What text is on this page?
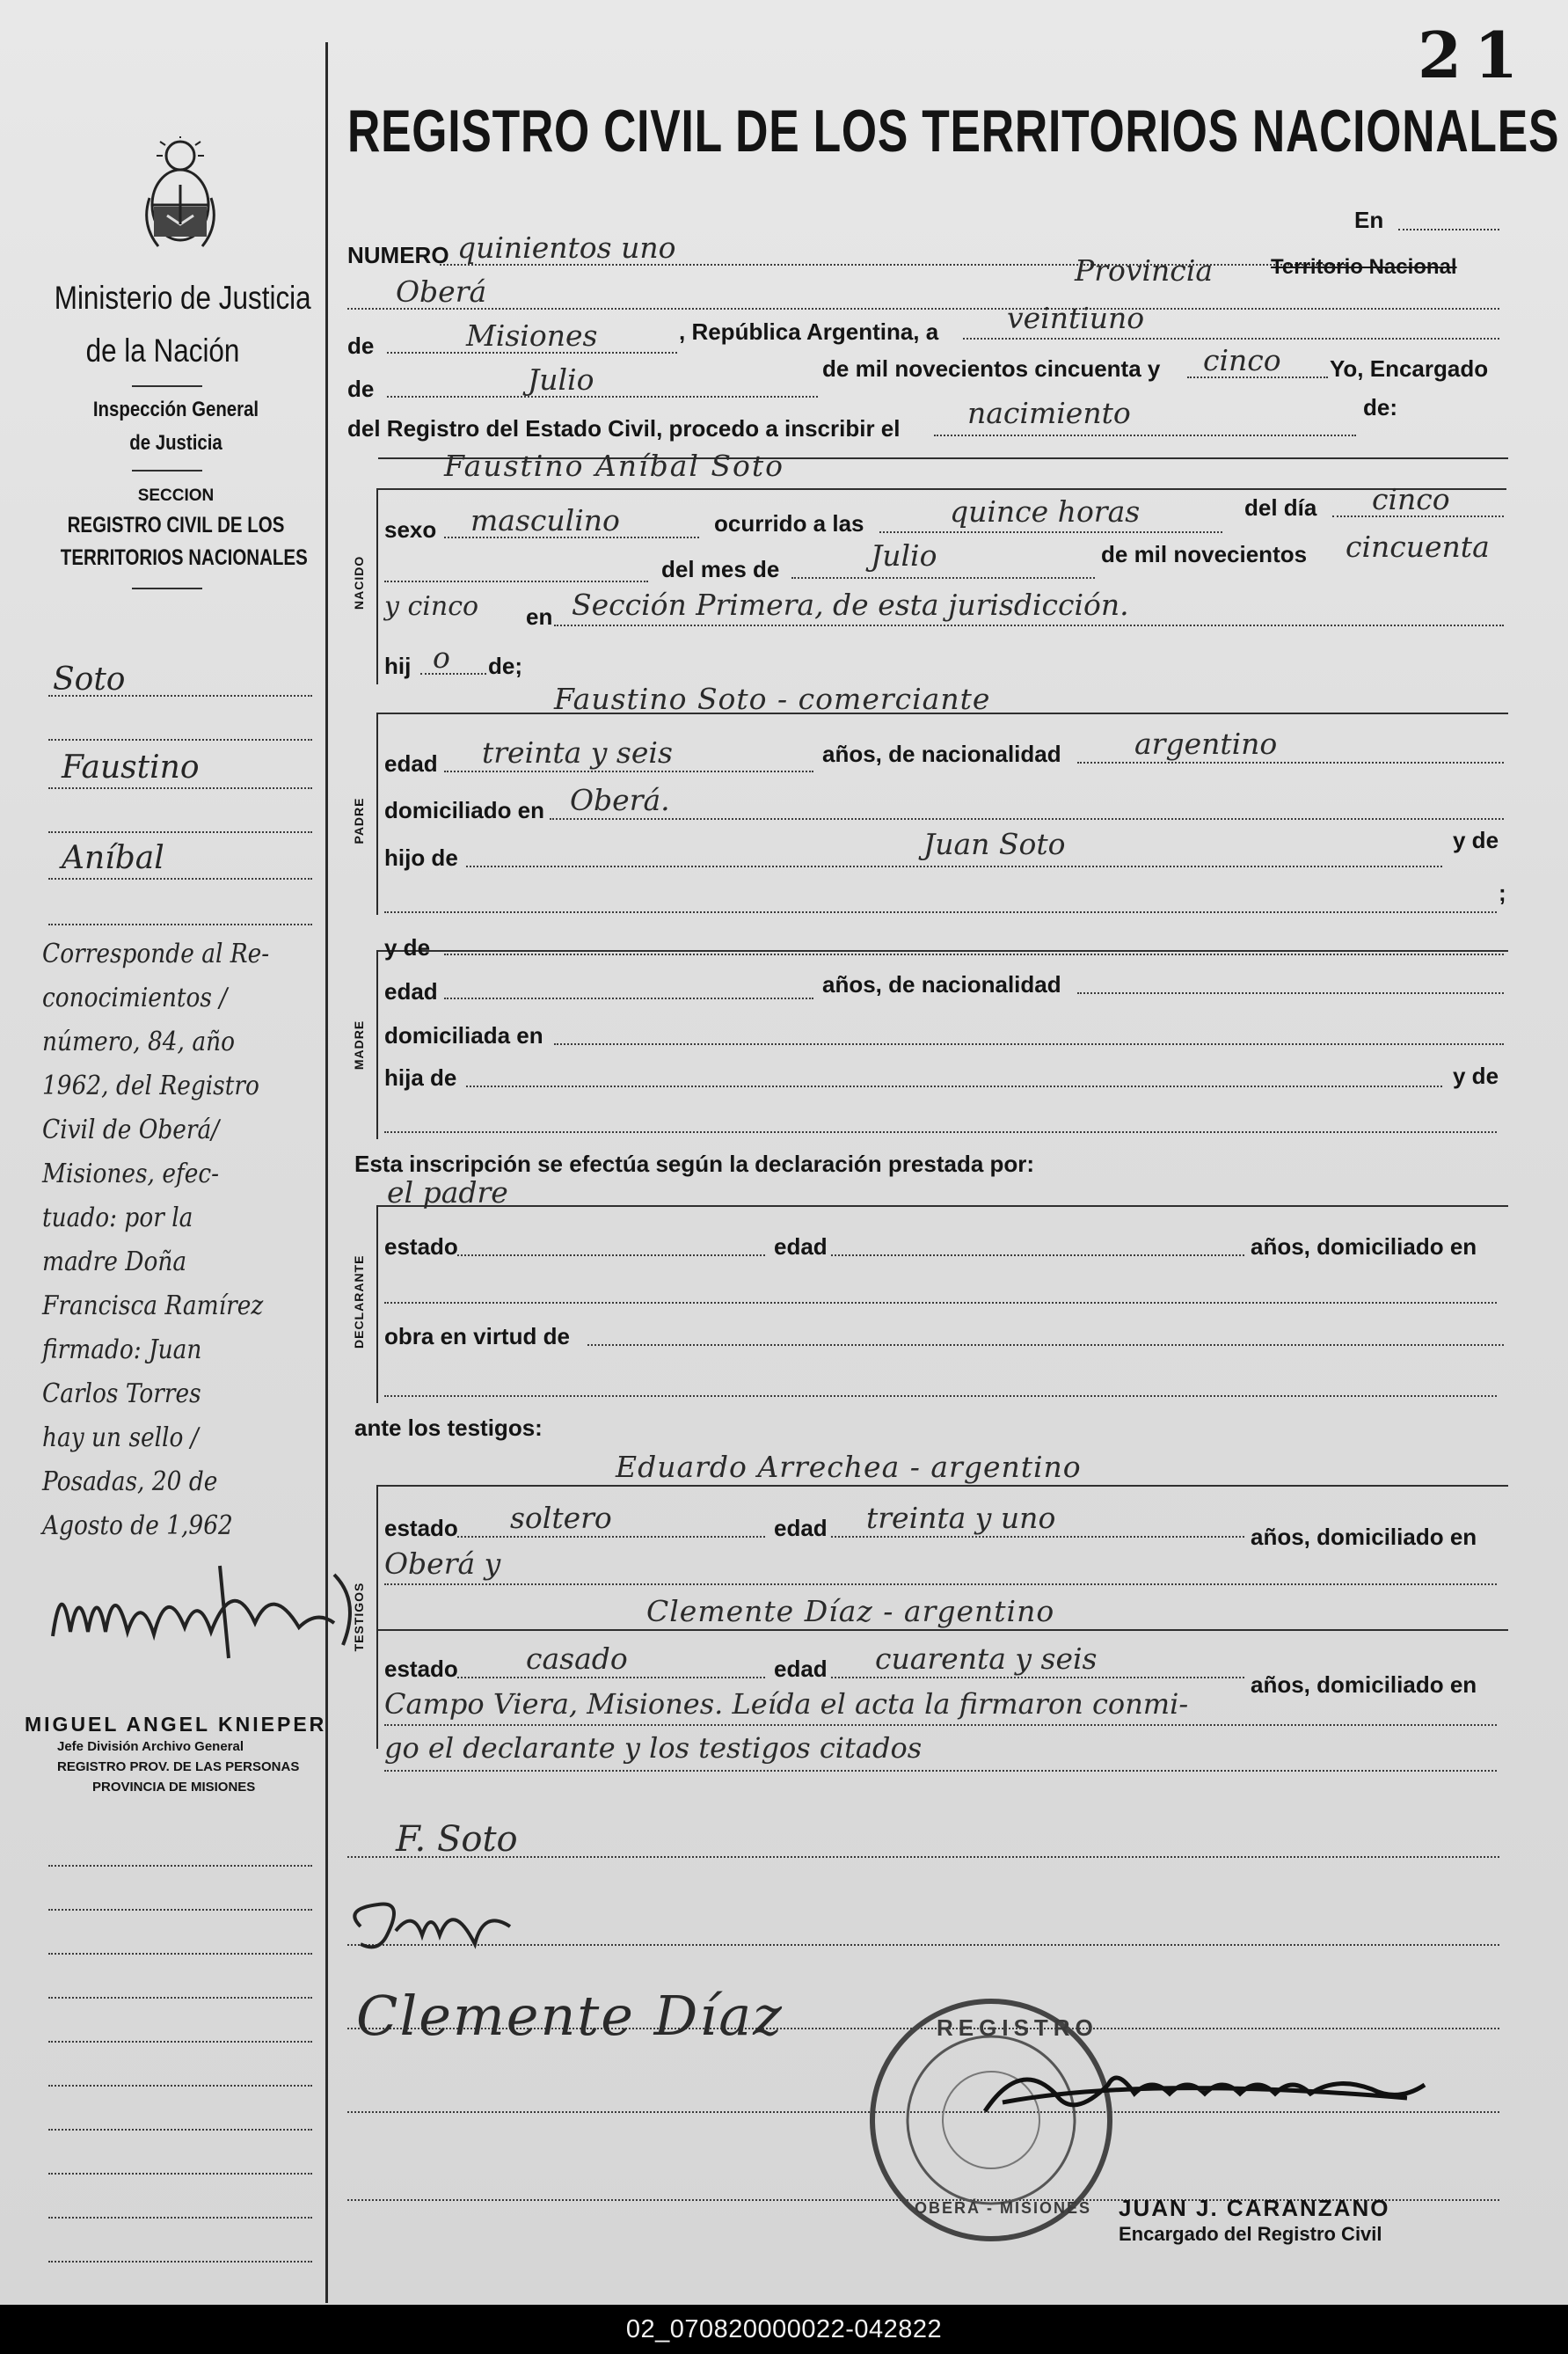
02_070820000022-042822
21
REGISTRO CIVIL DE LOS TERRITORIOS NACIONALES
Ministerio de Justicia
de la Nación
Inspección General
de Justicia
SECCION
REGISTRO CIVIL DE LOS
TERRITORIOS NACIONALES
Soto
Faustino
Aníbal
Corresponde al Re-
conocimientos /
número, 84, año
1962, del Registro
Civil de Oberá/
Misiones, efec-
tuado: por la
madre Doña
Francisca Ramírez
firmado: Juan
Carlos Torres
hay un sello /
Posadas, 20 de
Agosto de 1,962
MIGUEL ANGEL KNIEPER
Jefe División Archivo General
REGISTRO PROV. DE LAS PERSONAS
PROVINCIA DE MISIONES
NUMERO quinientos uno
En
Oberá
Provincia	Territorio Nacional
de	Misiones	, República Argentina, a veintiuno
de	Julio	de mil novecientos cincuenta y cinco Yo, Encargado
del Registro del Estado Civil, procedo a inscribir el nacimiento	de:
Faustino Aníbal Soto
NACIDO
sexo masculino	ocurrido a las	quince horas	del día cinco
del mes de	Julio	de mil novecientos cincuenta
y cinco en Sección Primera, de esta jurisdicción.
hij o de;
Faustino Soto - comerciante
PADRE
edad treinta y seis	años, de nacionalidad	argentino
domiciliado en Oberá.
hijo de	Juan Soto	y de
;
y de
MADRE
edad	años, de nacionalidad
domiciliada en
hija de	y de
Esta inscripción se efectúa según la declaración prestada por:
el padre
DECLARANTE
estado	edad	años, domiciliado en
obra en virtud de
ante los testigos:
Eduardo Arrechea - argentino
TESTIGOS
estado soltero	edad treinta y uno
años, domiciliado en
Oberá y
Clemente Díaz - argentino
estado casado	edad cuarenta y seis
años, domiciliado en
Campo Viera, Misiones. Leída el acta la firmaron conmi-
go el declarante y los testigos citados
F. Soto
Clemente Díaz	REGISTRO
OBERÁ - MISIONES JUAN J. CARANZANO
Encargado del Registro Civil
